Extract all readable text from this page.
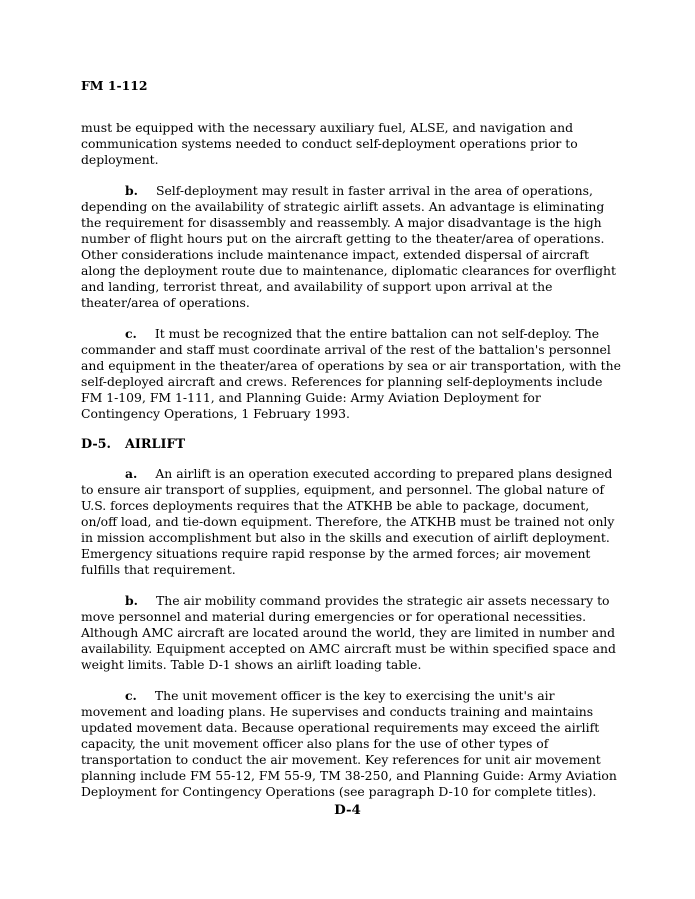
FM 1-112

must be equipped with the necessary auxiliary fuel, ALSE, and navigation and communication systems needed to conduct self-deployment operations prior to deployment.

b. Self-deployment may result in faster arrival in the area of operations, depending on the availability of strategic airlift assets. An advantage is eliminating the requirement for disassembly and reassembly. A major disadvantage is the high number of flight hours put on the aircraft getting to the theater/area of operations. Other considerations include maintenance impact, extended dispersal of aircraft along the deployment route due to maintenance, diplomatic clearances for overflight and landing, terrorist threat, and availability of support upon arrival at the theater/area of operations.

c. It must be recognized that the entire battalion can not self-deploy. The commander and staff must coordinate arrival of the rest of the battalion's personnel and equipment in the theater/area of operations by sea or air transportation, with the self-deployed aircraft and crews. References for planning self-deployments include FM 1-109, FM 1-111, and Planning Guide: Army Aviation Deployment for Contingency Operations, 1 February 1993.

D-5. AIRLIFT

a. An airlift is an operation executed according to prepared plans designed to ensure air transport of supplies, equipment, and personnel. The global nature of U.S. forces deployments requires that the ATKHB be able to package, document, on/off load, and tie-down equipment. Therefore, the ATKHB must be trained not only in mission accomplishment but also in the skills and execution of airlift deployment. Emergency situations require rapid response by the armed forces; air movement fulfills that requirement.

b. The air mobility command provides the strategic air assets necessary to move personnel and material during emergencies or for operational necessities. Although AMC aircraft are located around the world, they are limited in number and availability. Equipment accepted on AMC aircraft must be within specified space and weight limits. Table D-1 shows an airlift loading table.

c. The unit movement officer is the key to exercising the unit's air movement and loading plans. He supervises and conducts training and maintains updated movement data. Because operational requirements may exceed the airlift capacity, the unit movement officer also plans for the use of other types of transportation to conduct the air movement. Key references for unit air movement planning include FM 55-12, FM 55-9, TM 38-250, and Planning Guide: Army Aviation Deployment for Contingency Operations (see paragraph D-10 for complete titles).

D-4
